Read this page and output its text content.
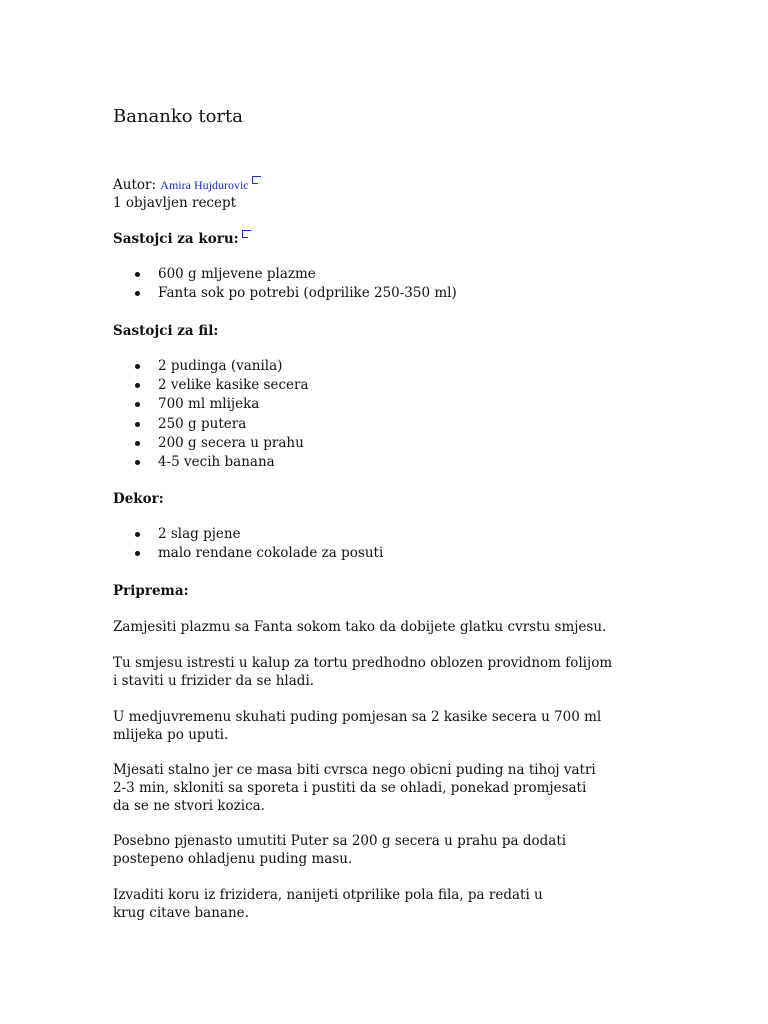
Bananko torta
Autor: Amira Hujdurovic
1 objavljen recept
Sastojci za koru:
600 g mljevene plazme
Fanta sok po potrebi (odprilike 250-350 ml)
Sastojci za fil:
2 pudinga (vanila)
2 velike kasike secera
700 ml mlijeka
250 g putera
200 g secera u prahu
4-5 vecih banana
Dekor:
2 slag pjene
malo rendane cokolade za posuti
Priprema:

Zamjesiti plazmu sa Fanta sokom tako da dobijete glatku cvrstu smjesu.

Tu smjesu istresti u kalup za tortu predhodno oblozen providnom folijom
i staviti u frizider da se hladi.

U medjuvremenu skuhati puding pomjesan sa 2 kasike secera u 700 ml
mlijeka po uputi.

Mjesati stalno jer ce masa biti cvrsca nego obicni puding na tihoj vatri
2-3 min, skloniti sa sporeta i pustiti da se ohladi, ponekad promjesati
da se ne stvori kozica.

Posebno pjenasto umutiti Puter sa 200 g secera u prahu pa dodati
postepeno ohladjenu puding masu.

Izvaditi koru iz frizidera, nanijeti otprilike pola fila, pa redati u
krug citave banane.
